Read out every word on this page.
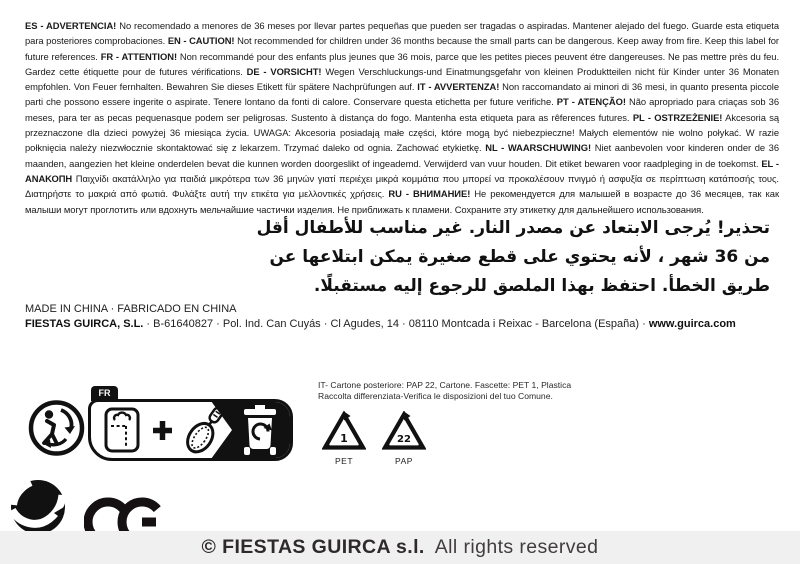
ES - ADVERTENCIA! No recomendado a menores de 36 meses por llevar partes pequeñas que pueden ser tragadas o aspiradas. Mantener alejado del fuego. Guarde esta etiqueta para posteriores comprobaciones. EN - CAUTION! Not recommended for children under 36 months because the small parts can be dangerous. Keep away from fire. Keep this label for future references. FR - ATTENTION! Non recommandé pour des enfants plus jeunes que 36 mois, parce que les petites pieces peuvent étre dangereuses. Ne pas mettre près du feu. Gardez cette étiquette pour de futures vérifications. DE - VORSICHT! Wegen Verschluckungs-und Einatmungsgefahr von kleinen Produktteilen nicht für Kinder unter 36 Monaten empfohlen. Von Feuer fernhalten. Bewahren Sie dieses Etikett für spätere Nachprüfungen auf. IT - AVVERTENZA! Non raccomandato ai minori di 36 mesi, in quanto presenta piccole parti che possono essere ingerite o aspirate. Tenere lontano da fonti di calore. Conservare questa etichetta per future verifiche. PT - ATENÇÃO! Não apropriado para criaças sob 36 meses, para ter as pecas pequenasque podem ser peligrosas. Sustento à distança do fogo. Mantenha esta etiqueta para as rêferences futures. PL - OSTRZEŻENIE! Akcesoria są przeznaczone dla dzieci powyżej 36 miesiąca życia. UWAGA: Akcesoria posiadają małe części, które mogą być niebezpieczne! Małych elementów nie wolno połykać. W razie połknięcia należy niezwłocznie skontaktować się z lekarzem. Trzymać daleko od ognia. Zachować etykietkę. NL - WAARSCHUWING! Niet aanbevolen voor kinderen onder de 36 maanden, aangezien het kleine onderdelen bevat die kunnen worden doorgeslikt of ingeademd. Verwijderd van vuur houden. Dit etiket bewaren voor raadpleging in de toekomst. EL - ΑΝΑΚΟΠΗ Παιχνίδι ακατάλληλο για παιδιά μικρότερα των 36 μηνών γιατί περιέχει μικρά κομμάτια που μπορεί να προκαλέσουν πνιγμό ή ασφυξία σε περίπτωση κατάποσής τους. Διατηρήστε το μακριά από φωτιά. Φυλάξτε αυτή την ετικέτα για μελλοντικές χρήσεις. RU - ВНИМАНИЕ! Не рекомендуется для малышей в возрасте до 36 месяцев, так как малыши могут проглотить или вдохнуть мельчайшие частички изделия. Не приближать к пламени. Сохраните эту этикетку для дальнейшего использования.

تحذير! يُرجى الابتعاد عن مصدر النار. غير مناسب للأطفال أقل من 36 شهر ، لأنه يحتوي على قطع صغيرة يمكن ابتلاعها عن طريق الخطأ. احتفظ بهذا الملصق للرجوع إليه مستقبلًا.
MADE IN CHINA · FABRICADO EN CHINA
FIESTAS GUIRCA, S.L. · B-61640827 · Pol. Ind. Can Cuyás · Cl Agudes, 14 · 08110 Montcada i Reixac - Barcelona (España) · www.guirca.com
FR
IT- Cartone posteriore: PAP 22, Cartone. Fascette: PET 1, Plastica
Raccolta differenziata-Verifica le disposizioni del tuo Comune.
1
PET
22
PAP
© FIESTAS GUIRCA s.l. All rights reserved
